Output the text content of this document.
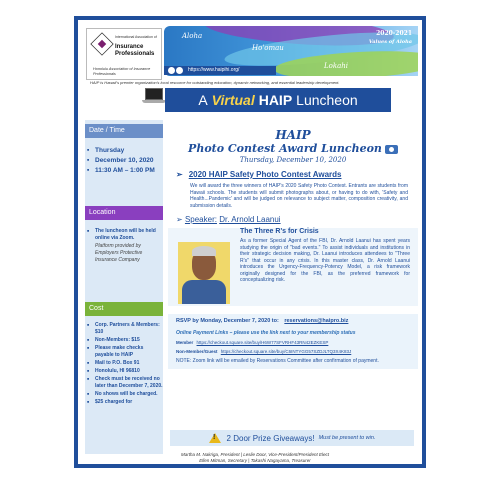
International Association of
Insurance Professionals
Honolulu Association of Insurance Professionals
Aloha
Ho'omau
Lokahi
2020-2021
Values of Aloha
https://www.haipihi.org/
HAIP is Hawaii's premier organization's local resource for outstanding education, dynamic networking, and essential leadership development.
A Virtual HAIP Luncheon
Date / Time
■ Thursday
■ December 10, 2020
■ 11:30 AM – 1:00 PM
Location
■ The luncheon will be held online via Zoom.
Platform provided by Employers Protective Insurance Company
Cost
■ Corp. Partners & Members: $10
■ Non-Members: $15
■ Please make checks payable to HAIP
■ Mail to P.O. Box 91
■ Honolulu, HI 96810
■ Check must be received no later than December 7, 2020.
■ No shows will be charged.
■ $25 charged for
HAIP
Photo Contest Award Luncheon
Thursday, December 10, 2020
➢ 2020 HAIP Safety Photo Contest Awards
We will award the three winners of HAIP's 2020 Safety Photo Contest. Entrants are students from Hawaii schools. The students will submit photographs about, or having to do with, 'Safety and Health...Pandemic' and will be judged on relevance to subject matter, composition creativity, and submission details.
➢ Speaker: Dr. Arnold Laanui
The Three R's for Crisis
As a former Special Agent of the FBI, Dr. Arnold Laanui has spent years studying the origin of "bad events." To assist individuals and institutions in their strategic decision making, Dr. Laanui introduces attendees to "Three R's" that occur in any crisis. In this master class, Dr. Arnold Laanui introduces the Urgency-Frequency-Potency Model, a risk framework originally designed for the FBI, as the preferred framework for conceptualizing risk.
RSVP by Monday, December 7, 2020 to: reservations@haipro.biz
Online Payment Links – please use the link next to your membership status
Member https://checkout.square.site/buy/H6W77SFVRHF43RN42EZKESP
Non-Member/Guest https://checkout.square.site/buy/C6INTYGG57SZDJLTQ3X4K83J
NOTE: Zoom link will be emailed by Reservations Committee after confirmation of payment.
!
2 Door Prize Giveaways! Must be present to win.
Martha M. Nakriga, President | Leslie Door, Vice-President/President Elect
Ellen Mitman, Secretary | Takashi Nagayama, Treasurer
